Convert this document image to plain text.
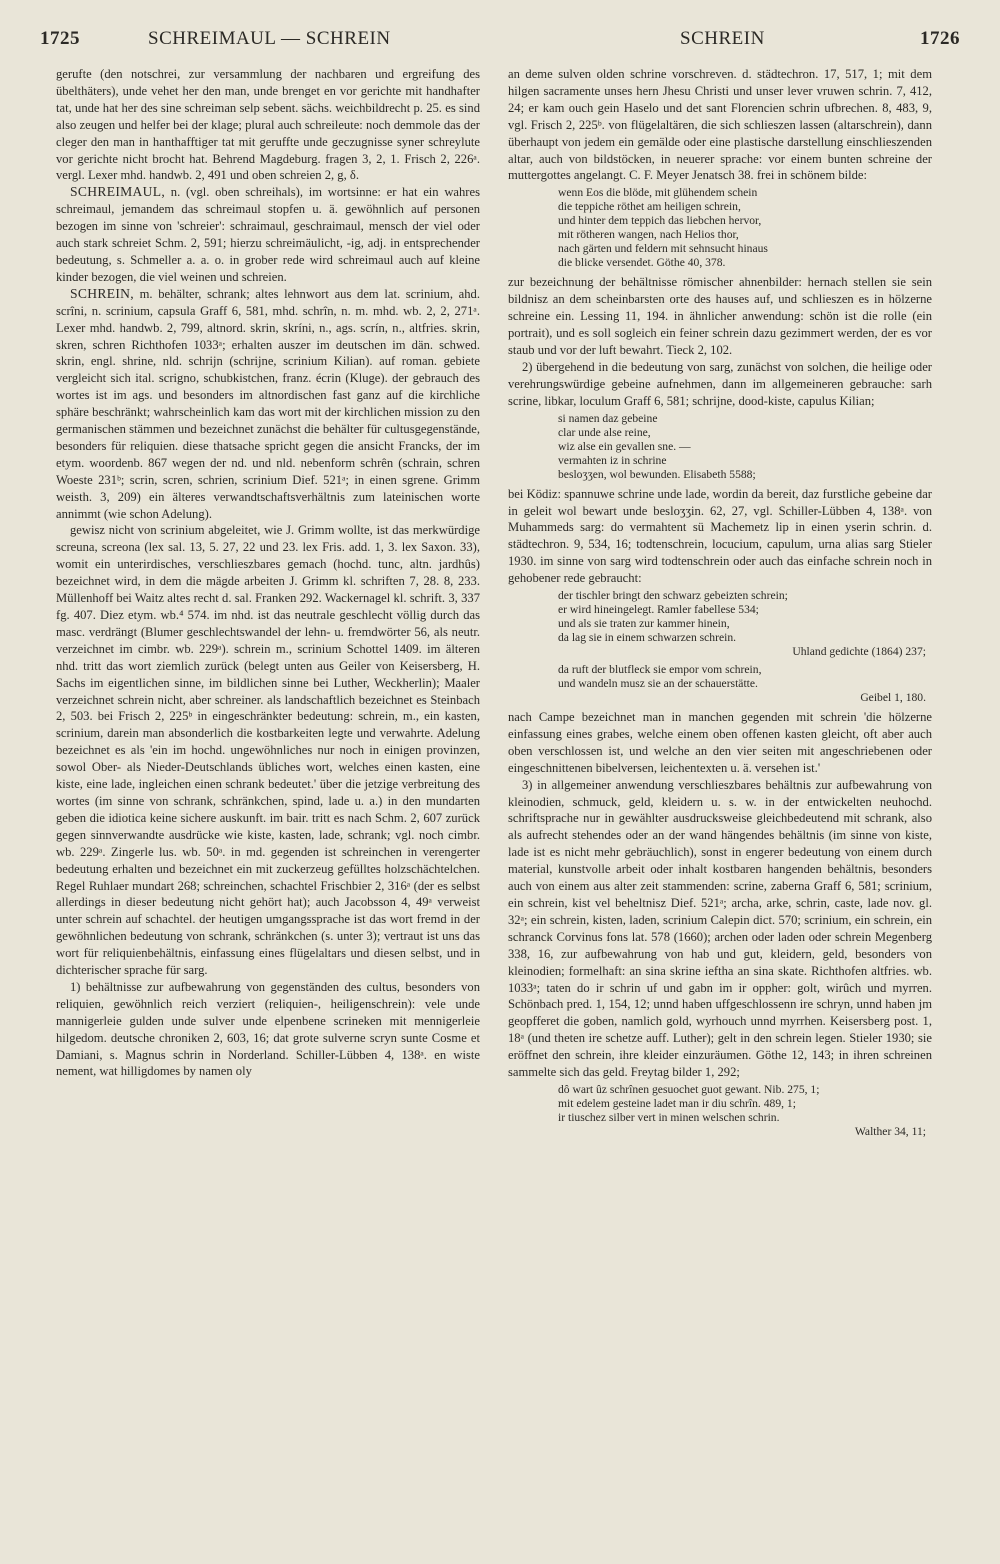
1725	SCHREIMAUL — SCHREIN	SCHREIN	1726

gerufte (den notschrei, zur versammlung der nachbaren und ergreifung des übelthäters), unde vehet her den man, unde brenget en vor gerichte mit handhafter tat, unde hat her des sine schreiman selp sebent. sächs. weichbildrecht p. 25. es sind also zeugen und helfer bei der klage; plural auch schreileute: noch demmole das der cleger den man in hanthafftiger tat mit geruffte unde geczugnisse syner schreylute vor gerichte nicht brocht hat. Behrend Magdeburg. fragen 3, 2, 1. Frisch 2, 226ᵃ. vergl. Lexer mhd. handwb. 2, 491 und oben schreien 2, g, δ.

SCHREIMAUL, n. (vgl. oben schreihals), im wortsinne: er hat ein wahres schreimaul, jemandem das schreimaul stopfen u. ä. gewöhnlich auf personen bezogen im sinne von 'schreier': schraimaul, geschraimaul, mensch der viel oder auch stark schreiet Schm. 2, 591; hierzu schreimäulicht, -ig, adj. in entsprechender bedeutung, s. Schmeller a. a. o. in grober rede wird schreimaul auch auf kleine kinder bezogen, die viel weinen und schreien.

SCHREIN, m. behälter, schrank; altes lehnwort aus dem lat. scrinium, ahd. scrîni, n. scrinium, capsula Graff 6, 581, mhd. schrîn, n. m. mhd. wb. 2, 2, 271ᵃ. Lexer mhd. handwb. 2, 799, altnord. skrin, skríni, n., ags. scrín, n., altfries. skrin, skren, schren Richthofen 1033ᵃ; erhalten auszer im deutschen im dän. schwed. skrin, engl. shrine, nld. schrijn (schrijne, scrinium Kilian). auf roman. gebiete vergleicht sich ital. scrigno, schubkistchen, franz. écrin (Kluge). der gebrauch des wortes ist im ags. und besonders im altnordischen fast ganz auf die kirchliche sphäre beschränkt; wahrscheinlich kam das wort mit der kirchlichen mission zu den germanischen stämmen und bezeichnet zunächst die behälter für cultusgegenstände, besonders für reliquien. diese thatsache spricht gegen die ansicht Francks, der im etym. woordenb. 867 wegen der nd. und nld. nebenform schrên (schrain, schren Woeste 231ᵇ; scrin, scren, schrien, scrinium Dief. 521ᵃ; in einen sgrene. Grimm weisth. 3, 209) ein älteres verwandtschaftsverhältnis zum lateinischen worte annimmt (wie schon Adelung).

gewisz nicht von scrinium abgeleitet, wie J. Grimm wollte, ist das merkwürdige screuna, screona (lex sal. 13, 5. 27, 22 und 23. lex Fris. add. 1, 3. lex Saxon. 33), womit ein unterirdisches, verschlieszbares gemach (hochd. tunc, altn. jardhûs) bezeichnet wird, in dem die mägde arbeiten J. Grimm kl. schriften 7, 28. 8, 233. Müllenhoff bei Waitz altes recht d. sal. Franken 292. Wackernagel kl. schrift. 3, 337 fg. 407. Diez etym. wb.⁴ 574. im nhd. ist das neutrale geschlecht völlig durch das masc. verdrängt (Blumer geschlechtswandel der lehn- u. fremdwörter 56, als neutr. verzeichnet im cimbr. wb. 229ᵃ). schrein m., scrinium Schottel 1409. im älteren nhd. tritt das wort ziemlich zurück (belegt unten aus Geiler von Keisersberg, H. Sachs im eigentlichen sinne, im bildlichen sinne bei Luther, Weckherlin); Maaler verzeichnet schrein nicht, aber schreiner. als landschaftlich bezeichnet es Steinbach 2, 503. bei Frisch 2, 225ᵇ in eingeschränkter bedeutung: schrein, m., ein kasten, scrinium, darein man absonderlich die kostbarkeiten legte und verwahrte. Adelung bezeichnet es als 'ein im hochd. ungewöhnliches nur noch in einigen provinzen, sowol Ober- als Nieder-Deutschlands übliches wort, welches einen kasten, eine kiste, eine lade, ingleichen einen schrank bedeutet.' über die jetzige verbreitung des wortes (im sinne von schrank, schränkchen, spind, lade u. a.) in den mundarten geben die idiotica keine sichere auskunft. im bair. tritt es nach Schm. 2, 607 zurück gegen sinnverwandte ausdrücke wie kiste, kasten, lade, schrank; vgl. noch cimbr. wb. 229ᵃ. Zingerle lus. wb. 50ᵃ. in md. gegenden ist schreinchen in verengerter bedeutung erhalten und bezeichnet ein mit zuckerzeug gefülltes holzschächtelchen. Regel Ruhlaer mundart 268; schreinchen, schachtel Frischbier 2, 316ᵃ (der es selbst allerdings in dieser bedeutung nicht gehört hat); auch Jacobsson 4, 49ᵃ verweist unter schrein auf schachtel. der heutigen umgangssprache ist das wort fremd in der gewöhnlichen bedeutung von schrank, schränkchen (s. unter 3); vertraut ist uns das wort für reliquienbehältnis, einfassung eines flügelaltars und diesen selbst, und in dichterischer sprache für sarg.

1) behältnisse zur aufbewahrung von gegenständen des cultus, besonders von reliquien, gewöhnlich reich verziert (reliquien-, heiligenschrein): vele unde mannigerleie gulden unde sulver unde elpenbene scrineken mit mennigerleie hilgedom. deutsche chroniken 2, 603, 16; dat grote sulverne scryn sunte Cosme et Damiani, s. Magnus schrin in Norderland. Schiller-Lübben 4, 138ᵃ. en wiste nement, wat hilligdomes by namen oly

an deme sulven olden schrine vorschreven. d. städtechron. 17, 517, 1; mit dem hilgen sacramente unses hern Jhesu Christi und unser lever vruwen schrin. 7, 412, 24; er kam ouch gein Haselo und det sant Florencien schrin ufbrechen. 8, 483, 9, vgl. Frisch 2, 225ᵇ. von flügelaltären, die sich schlieszen lassen (altarschrein), dann überhaupt von jedem ein gemälde oder eine plastische darstellung einschlieszenden altar, auch von bildstöcken, in neuerer sprache: vor einem bunten schreine der muttergottes angelangt. C. F. Meyer Jenatsch 38. frei in schönem bilde:

wenn Eos die blöde, mit glühendem schein
die teppiche röthet am heiligen schrein,
und hinter dem teppich das liebchen hervor,
mit rötheren wangen, nach Helios thor,
nach gärten und feldern mit sehnsucht hinaus
die blicke versendet. Göthe 40, 378.

zur bezeichnung der behältnisse römischer ahnenbilder: hernach stellen sie sein bildnisz an dem scheinbarsten orte des hauses auf, und schlieszen es in hölzerne schreine ein. Lessing 11, 194. in ähnlicher anwendung: schön ist die rolle (ein portrait), und es soll sogleich ein feiner schrein dazu gezimmert werden, der es vor staub und vor der luft bewahrt. Tieck 2, 102.

2) übergehend in die bedeutung von sarg, zunächst von solchen, die heilige oder verehrungswürdige gebeine aufnehmen, dann im allgemeineren gebrauche: sarh scrine, libkar, loculum Graff 6, 581; schrijne, dood-kiste, capulus Kilian;

si namen daz gebeine
clar unde alse reine,
wiz alse ein gevallen sne. —
vermahten iz in schrine
besloʒʒen, wol bewunden. Elisabeth 5588;

bei Ködiz: spannuwe schrine unde lade, wordin da bereit, daz furstliche gebeine dar in geleit wol bewart unde besloʒʒin. 62, 27, vgl. Schiller-Lübben 4, 138ᵃ. von Muhammeds sarg: do vermahtent sü Machemetz lip in einen yserin schrin. d. städtechron. 9, 534, 16; todtenschrein, locucium, capulum, urna alias sarg Stieler 1930. im sinne von sarg wird todtenschrein oder auch das einfache schrein noch in gehobener rede gebraucht:

der tischler bringt den schwarz gebeizten schrein;
er wird hineingelegt. Ramler fabellese 534;
und als sie traten zur kammer hinein,
da lag sie in einem schwarzen schrein.
Uhland gedichte (1864) 237;
da ruft der blutfleck sie empor vom schrein,
und wandeln musz sie an der schauerstätte.
Geibel 1, 180.

nach Campe bezeichnet man in manchen gegenden mit schrein 'die hölzerne einfassung eines grabes, welche einem oben offenen kasten gleicht, oft aber auch oben verschlossen ist, und welche an den vier seiten mit angeschriebenen oder eingeschnittenen bibelversen, leichentexten u. ä. versehen ist.'

3) in allgemeiner anwendung verschlieszbares behältnis zur aufbewahrung von kleinodien, schmuck, geld, kleidern u. s. w. in der entwickelten neuhochd. schriftsprache nur in gewählter ausdrucksweise gleichbedeutend mit schrank, also als aufrecht stehendes oder an der wand hängendes behältnis (im sinne von kiste, lade ist es nicht mehr gebräuchlich), sonst in engerer bedeutung von einem durch material, kunstvolle arbeit oder inhalt kostbaren hangenden behältnis, besonders auch von einem aus alter zeit stammenden: scrine, zaberna Graff 6, 581; scrinium, ein schrein, kist vel beheltnisz Dief. 521ᵃ; archa, arke, schrin, caste, lade nov. gl. 32ᵃ; ein schrein, kisten, laden, scrinium Calepin dict. 570; scrinium, ein schrein, ein schranck Corvinus fons lat. 578 (1660); archen oder laden oder schrein Megenberg 338, 16, zur aufbewahrung von hab und gut, kleidern, geld, besonders von kleinodien; formelhaft: an sina skrine ieftha an sina skate. Richthofen altfries. wb. 1033ᵃ; taten do ir schrin uf und gabn im ir oppher: golt, wirûch und myrren. Schönbach pred. 1, 154, 12; unnd haben uffgeschlossenn ire schryn, unnd haben jm geopfferet die goben, namlich gold, wyrhouch unnd myrrhen. Keisersberg post. 1, 18ᵃ (und theten ire schetze auff. Luther); gelt in den schrein legen. Stieler 1930; sie eröffnet den schrein, ihre kleider einzuräumen. Göthe 12, 143; in ihren schreinen sammelte sich das geld. Freytag bilder 1, 292;

dô wart ûz schrînen gesuochet guot gewant. Nib. 275, 1;
mit edelem gesteine ladet man ir diu schrîn. 489, 1;
ir tiuschez silber vert in minen welschen schrin.
Walther 34, 11;
